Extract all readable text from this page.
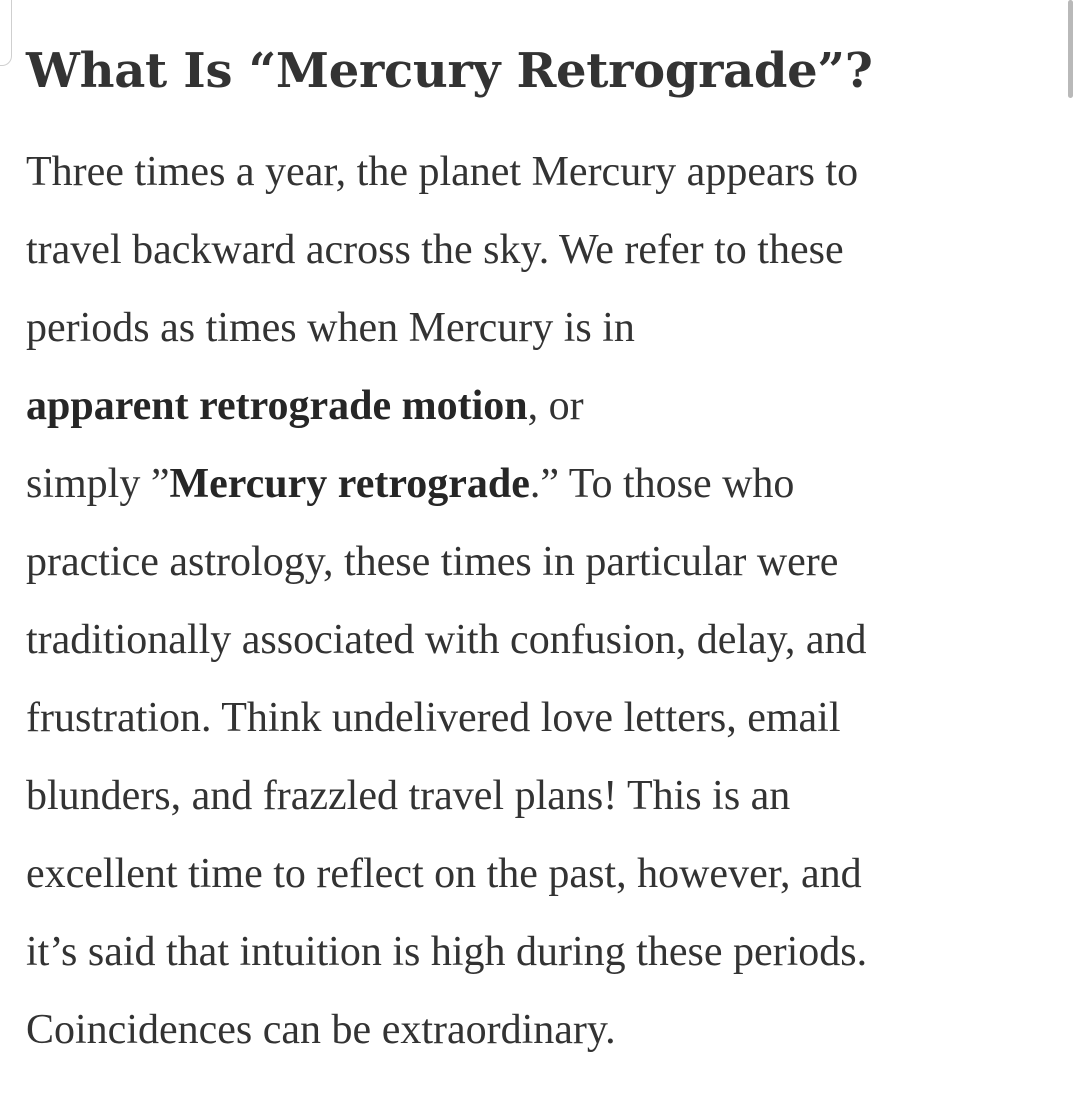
What Is “Mercury Retrograde”?

Three times a year, the planet Mercury appears to
travel backward across the sky. We refer to these
periods as times when Mercury is in
apparent retrograde motion, or
simply ”Mercury retrograde.” To those who
practice astrology, these times in particular were
traditionally associated with confusion, delay, and
frustration. Think undelivered love letters, email
blunders, and frazzled travel plans! This is an
excellent time to reflect on the past, however, and
it’s said that intuition is high during these periods.
Coincidences can be extraordinary.
